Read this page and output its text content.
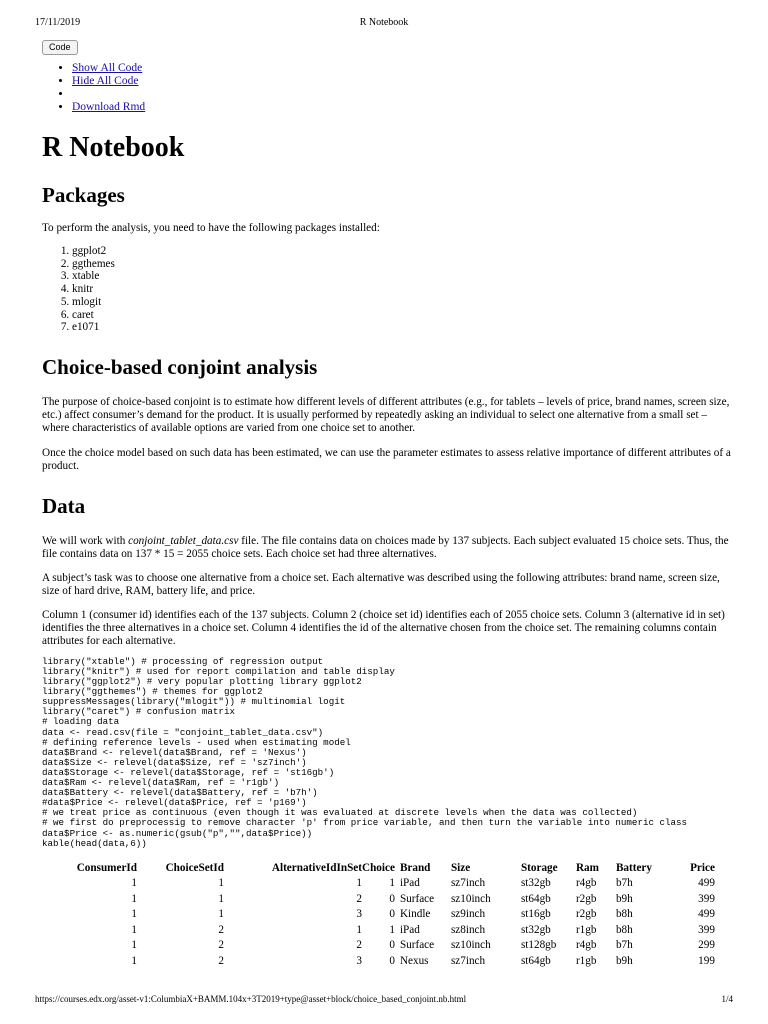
17/11/2019	R Notebook
Code
• Show All Code
• Hide All Code
•
• Download Rmd
R Notebook
Packages

To perform the analysis, you need to have the following packages installed:

1. ggplot2
2. ggthemes
3. xtable
4. knitr
5. mlogit
6. caret
7. e1071
Choice-based conjoint analysis

The purpose of choice-based conjoint is to estimate how different levels of different attributes (e.g., for tablets – levels of price, brand names, screen size, etc.) affect consumer’s demand for the product. It is usually performed by repeatedly asking an individual to select one alternative from a small set – where characteristics of available options are varied from one choice set to another.

Once the choice model based on such data has been estimated, we can use the parameter estimates to assess relative importance of different attributes of a product.

Data

We will work with conjoint_tablet_data.csv file. The file contains data on choices made by 137 subjects. Each subject evaluated 15 choice sets. Thus, the file contains data on 137 * 15 = 2055 choice sets. Each choice set had three alternatives.

A subject’s task was to choose one alternative from a choice set. Each alternative was described using the following attributes: brand name, screen size, size of hard drive, RAM, battery life, and price.

Column 1 (consumer id) identifies each of the 137 subjects. Column 2 (choice set id) identifies each of 2055 choice sets. Column 3 (alternative id in set) identifies the three alternatives in a choice set. Column 4 identifies the id of the alternative chosen from the choice set. The remaining columns contain attributes for each alternative.

library("xtable") # processing of regression output
library("knitr") # used for report compilation and table display
library("ggplot2") # very popular plotting library ggplot2
library("ggthemes") # themes for ggplot2
suppressMessages(library("mlogit")) # multinomial logit
library("caret") # confusion matrix
# loading data
data <- read.csv(file = "conjoint_tablet_data.csv")
# defining reference levels - used when estimating model
data$Brand <- relevel(data$Brand, ref = 'Nexus')
data$Size <- relevel(data$Size, ref = 'sz7inch')
data$Storage <- relevel(data$Storage, ref = 'st16gb')
data$Ram <- relevel(data$Ram, ref = 'r1gb')
data$Battery <- relevel(data$Battery, ref = 'b7h')
#data$Price <- relevel(data$Price, ref = 'p169')
# we treat price as continuous (even though it was evaluated at discrete levels when the data was collected)
# we first do preprocessig to remove character 'p' from price variable, and then turn the variable into numeric class
data$Price <- as.numeric(gsub("p","",data$Price))
kable(head(data,6))
ConsumerId	ChoiceSetId	AlternativeIdInSet	Choice	Brand	Size	Storage	Ram	Battery	Price
1	1	1	1	iPad	sz7inch	st32gb	r4gb	b7h	499
1	1	2	0	Surface	sz10inch	st64gb	r2gb	b9h	399
1	1	3	0	Kindle	sz9inch	st16gb	r2gb	b8h	499
1	2	1	1	iPad	sz8inch	st32gb	r1gb	b8h	399
1	2	2	0	Surface	sz10inch	st128gb	r4gb	b7h	299
1	2	3	0	Nexus	sz7inch	st64gb	r1gb	b9h	199
https://courses.edx.org/asset-v1:ColumbiaX+BAMM.104x+3T2019+type@asset+block/choice_based_conjoint.nb.html	1/4
